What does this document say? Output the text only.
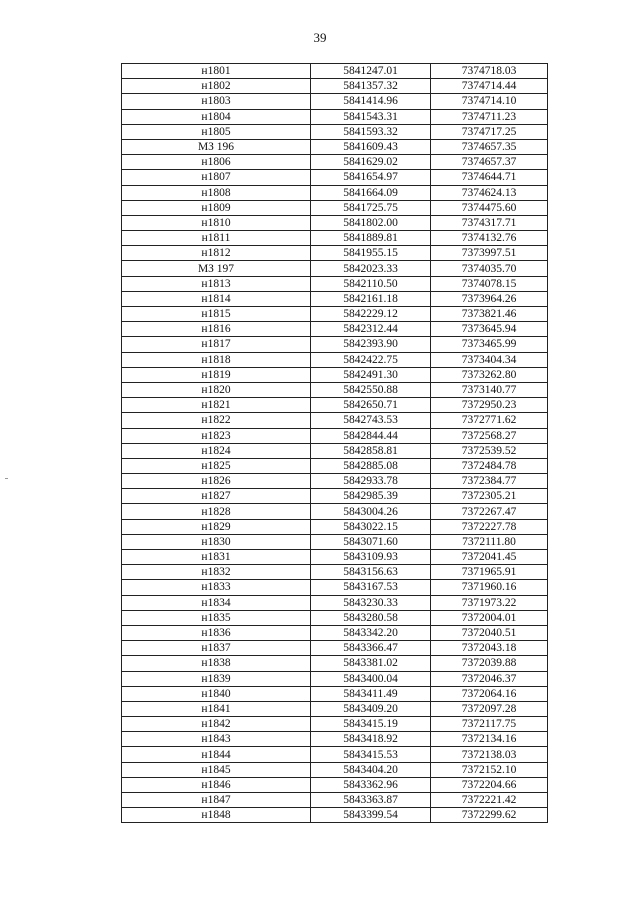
39
н1801	5841247.01	7374718.03
н1802	5841357.32	7374714.44
н1803	5841414.96	7374714.10
н1804	5841543.31	7374711.23
н1805	5841593.32	7374717.25
МЗ 196	5841609.43	7374657.35
н1806	5841629.02	7374657.37
н1807	5841654.97	7374644.71
н1808	5841664.09	7374624.13
н1809	5841725.75	7374475.60
н1810	5841802.00	7374317.71
н1811	5841889.81	7374132.76
н1812	5841955.15	7373997.51
МЗ 197	5842023.33	7374035.70
н1813	5842110.50	7374078.15
н1814	5842161.18	7373964.26
н1815	5842229.12	7373821.46
н1816	5842312.44	7373645.94
н1817	5842393.90	7373465.99
н1818	5842422.75	7373404.34
н1819	5842491.30	7373262.80
н1820	5842550.88	7373140.77
н1821	5842650.71	7372950.23
н1822	5842743.53	7372771.62
н1823	5842844.44	7372568.27
н1824	5842858.81	7372539.52
н1825	5842885.08	7372484.78
н1826	5842933.78	7372384.77
н1827	5842985.39	7372305.21
н1828	5843004.26	7372267.47
н1829	5843022.15	7372227.78
н1830	5843071.60	7372111.80
н1831	5843109.93	7372041.45
н1832	5843156.63	7371965.91
н1833	5843167.53	7371960.16
н1834	5843230.33	7371973.22
н1835	5843280.58	7372004.01
н1836	5843342.20	7372040.51
н1837	5843366.47	7372043.18
н1838	5843381.02	7372039.88
н1839	5843400.04	7372046.37
н1840	5843411.49	7372064.16
н1841	5843409.20	7372097.28
н1842	5843415.19	7372117.75
н1843	5843418.92	7372134.16
н1844	5843415.53	7372138.03
н1845	5843404.20	7372152.10
н1846	5843362.96	7372204.66
н1847	5843363.87	7372221.42
н1848	5843399.54	7372299.62
